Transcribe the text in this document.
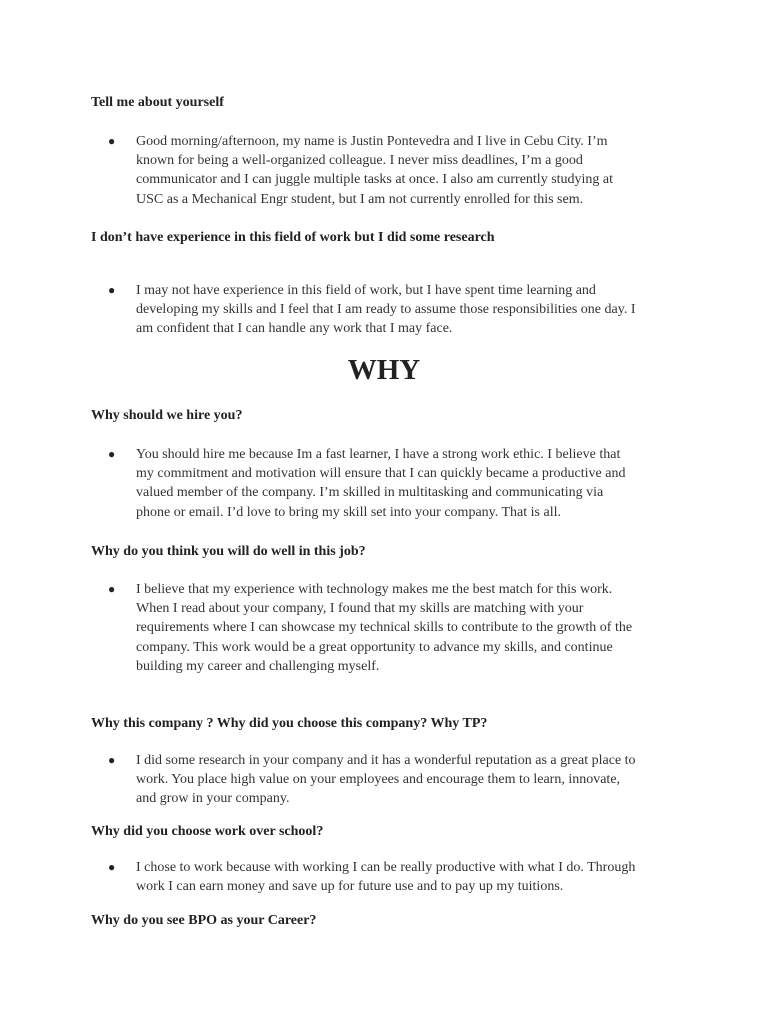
Tell me about yourself
●	Good morning/afternoon, my name is Justin Pontevedra and I live in Cebu City. I’m
known for being a well-organized colleague. I never miss deadlines, I’m a good
communicator and I can juggle multiple tasks at once. I also am currently studying at
USC as a Mechanical Engr student, but I am not currently enrolled for this sem.
I don’t have experience in this field of work but I did some research
●	I may not have experience in this field of work, but I have spent time learning and
developing my skills and I feel that I am ready to assume those responsibilities one day. I
am confident that I can handle any work that I may face.
WHY
Why should we hire you?
●	You should hire me because Im a fast learner, I have a strong work ethic. I believe that
my commitment and motivation will ensure that I can quickly became a productive and
valued member of the company. I’m skilled in multitasking and communicating via
phone or email. I’d love to bring my skill set into your company. That is all.
Why do you think you will do well in this job?
●	I believe that my experience with technology makes me the best match for this work.
When I read about your company, I found that my skills are matching with your
requirements where I can showcase my technical skills to contribute to the growth of the
company. This work would be a great opportunity to advance my skills, and continue
building my career and challenging myself.
Why this company ? Why did you choose this company? Why TP?
●	I did some research in your company and it has a wonderful reputation as a great place to
work. You place high value on your employees and encourage them to learn, innovate,
and grow in your company.
Why did you choose work over school?
●	I chose to work because with working I can be really productive with what I do. Through
work I can earn money and save up for future use and to pay up my tuitions.
Why do you see BPO as your Career?
